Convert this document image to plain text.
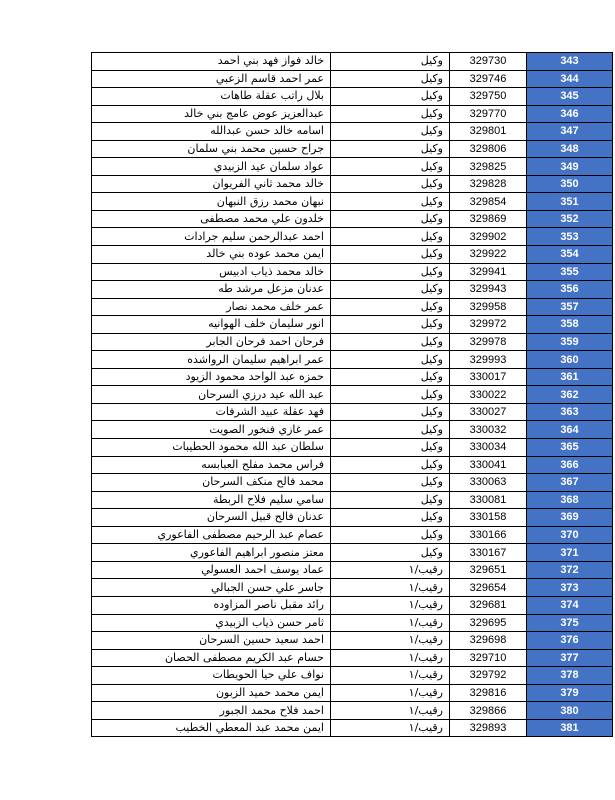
خالد فواز فهد بني احمد	وكيل	329730	343
عمر احمد قاسم الزعبي	وكيل	329746	344
بلال راتب عقلة طاهات	وكيل	329750	345
عبدالعزيز عوض عامج بني خالد	وكيل	329770	346
اسامه خالد حسن عبدالله	وكيل	329801	347
جراح حسين محمد بني سلمان	وكيل	329806	348
عواد سلمان عيد الزبيدي	وكيل	329825	349
خالد محمد ثاني الفريوان	وكيل	329828	350
نبهان محمد رزق النبهان	وكيل	329854	351
خلدون علي محمد مصطفى	وكيل	329869	352
احمد عبدالرحمن سليم جرادات	وكيل	329902	353
ايمن محمد عوده بني خالد	وكيل	329922	354
خالد محمد ذياب ادبيس	وكيل	329941	355
عدنان مزعل مرشد طه	وكيل	329943	356
عمر خلف محمد نصار	وكيل	329958	357
انور سليمان خلف الهوانيه	وكيل	329972	358
فرحان احمد فرحان الجابر	وكيل	329978	359
عمر ابراهيم سليمان الرواشده	وكيل	329993	360
حمزه عبد الواحد محمود الزيود	وكيل	330017	361
عبد الله عيد درزي السرحان	وكيل	330022	362
فهد عقلة عبيد الشرفات	وكيل	330027	363
عمر غازي فنخور الصويت	وكيل	330032	364
سلطان عبد الله محمود الحطيبات	وكيل	330034	365
فراس محمد مفلح العبابسه	وكيل	330041	366
محمد فالح منكف السرحان	وكيل	330063	367
سامي سليم فلاح الربطة	وكيل	330081	368
عدنان فالح قبيل السرحان	وكيل	330158	369
عصام عبد الرحيم مصطفى الفاعوري	وكيل	330166	370
معتز منصور ابراهيم الفاعوري	وكيل	330167	371
عماد يوسف احمد العسولي	رقيب/١	329651	372
جاسر علي حسن الجبالي	رقيب/١	329654	373
رائد مقبل ناصر المزاوده	رقيب/١	329681	374
ثامر حسن ذياب الزبيدي	رقيب/١	329695	375
احمد سعيد حسين السرحان	رقيب/١	329698	376
حسام عبد الكريم مصطفى الحصان	رقيب/١	329710	377
نواف علي حيا الحويطات	رقيب/١	329792	378
ايمن محمد حميد الزبون	رقيب/١	329816	379
احمد فلاح محمد الجبور	رقيب/١	329866	380
ايمن محمد عبد المعطي الخطيب	رقيب/١	329893	381
